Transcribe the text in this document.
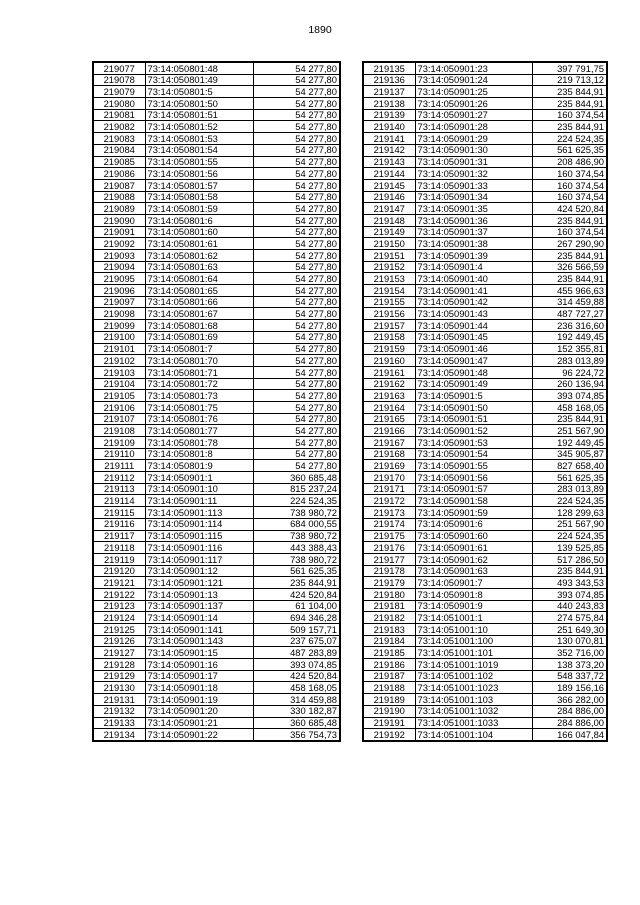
1890
219077	73:14:050801:48	54 277,80
219078	73:14:050801:49	54 277,80
219079	73:14:050801:5	54 277,80
219080	73:14:050801:50	54 277,80
219081	73:14:050801:51	54 277,80
219082	73:14:050801:52	54 277,80
219083	73:14:050801:53	54 277,80
219084	73:14:050801:54	54 277,80
219085	73:14:050801:55	54 277,80
219086	73:14:050801:56	54 277,80
219087	73:14:050801:57	54 277,80
219088	73:14:050801:58	54 277,80
219089	73:14:050801:59	54 277,80
219090	73:14:050801:6	54 277,80
219091	73:14:050801:60	54 277,80
219092	73:14:050801:61	54 277,80
219093	73:14:050801:62	54 277,80
219094	73:14:050801:63	54 277,80
219095	73:14:050801:64	54 277,80
219096	73:14:050801:65	54 277,80
219097	73:14:050801:66	54 277,80
219098	73:14:050801:67	54 277,80
219099	73:14:050801:68	54 277,80
219100	73:14:050801:69	54 277,80
219101	73:14:050801:7	54 277,80
219102	73:14:050801:70	54 277,80
219103	73:14:050801:71	54 277,80
219104	73:14:050801:72	54 277,80
219105	73:14:050801:73	54 277,80
219106	73:14:050801:75	54 277,80
219107	73:14:050801:76	54 277,80
219108	73:14:050801:77	54 277,80
219109	73:14:050801:78	54 277,80
219110	73:14:050801:8	54 277,80
219111	73:14:050801:9	54 277,80
219112	73:14:050901:1	360 685,48
219113	73:14:050901:10	815 237,24
219114	73:14:050901:11	224 524,35
219115	73:14:050901:113	738 980,72
219116	73:14:050901:114	684 000,55
219117	73:14:050901:115	738 980,72
219118	73:14:050901:116	443 388,43
219119	73:14:050901:117	738 980,72
219120	73:14:050901:12	561 625,35
219121	73:14:050901:121	235 844,91
219122	73:14:050901:13	424 520,84
219123	73:14:050901:137	61 104,00
219124	73:14:050901:14	694 346,28
219125	73:14:050901:141	509 157,71
219126	73:14:050901:143	237 675,07
219127	73:14:050901:15	487 283,89
219128	73:14:050901:16	393 074,85
219129	73:14:050901:17	424 520,84
219130	73:14:050901:18	458 168,05
219131	73:14:050901:19	314 459,88
219132	73:14:050901:20	330 182,87
219133	73:14:050901:21	360 685,48
219134	73:14:050901:22	356 754,73
219135	73:14:050901:23	397 791,75
219136	73:14:050901:24	219 713,12
219137	73:14:050901:25	235 844,91
219138	73:14:050901:26	235 844,91
219139	73:14:050901:27	160 374,54
219140	73:14:050901:28	235 844,91
219141	73:14:050901:29	224 524,35
219142	73:14:050901:30	561 625,35
219143	73:14:050901:31	208 486,90
219144	73:14:050901:32	160 374,54
219145	73:14:050901:33	160 374,54
219146	73:14:050901:34	160 374,54
219147	73:14:050901:35	424 520,84
219148	73:14:050901:36	235 844,91
219149	73:14:050901:37	160 374,54
219150	73:14:050901:38	267 290,90
219151	73:14:050901:39	235 844,91
219152	73:14:050901:4	326 566,59
219153	73:14:050901:40	235 844,91
219154	73:14:050901:41	455 966,63
219155	73:14:050901:42	314 459,88
219156	73:14:050901:43	487 727,27
219157	73:14:050901:44	236 316,60
219158	73:14:050901:45	192 449,45
219159	73:14:050901:46	152 355,81
219160	73:14:050901:47	283 013,89
219161	73:14:050901:48	96 224,72
219162	73:14:050901:49	260 136,94
219163	73:14:050901:5	393 074,85
219164	73:14:050901:50	458 168,05
219165	73:14:050901:51	235 844,91
219166	73:14:050901:52	251 567,90
219167	73:14:050901:53	192 449,45
219168	73:14:050901:54	345 905,87
219169	73:14:050901:55	827 658,40
219170	73:14:050901:56	561 625,35
219171	73:14:050901:57	283 013,89
219172	73:14:050901:58	224 524,35
219173	73:14:050901:59	128 299,63
219174	73:14:050901:6	251 567,90
219175	73:14:050901:60	224 524,35
219176	73:14:050901:61	139 525,85
219177	73:14:050901:62	517 286,50
219178	73:14:050901:63	235 844,91
219179	73:14:050901:7	493 343,53
219180	73:14:050901:8	393 074,85
219181	73:14:050901:9	440 243,83
219182	73:14:051001:1	274 575,84
219183	73:14:051001:10	251 649,30
219184	73:14:051001:100	130 070,81
219185	73:14:051001:101	352 716,00
219186	73:14:051001:1019	138 373,20
219187	73:14:051001:102	548 337,72
219188	73:14:051001:1023	189 156,16
219189	73:14:051001:103	366 282,00
219190	73:14:051001:1032	284 886,00
219191	73:14:051001:1033	284 886,00
219192	73:14:051001:104	166 047,84
